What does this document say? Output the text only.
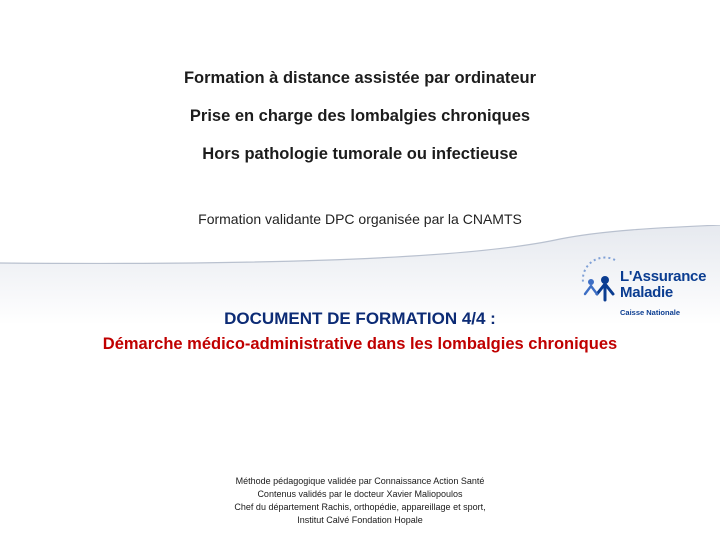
Formation à distance assistée par ordinateur
Prise en charge des lombalgies chroniques
Hors pathologie tumorale ou infectieuse
Formation validante DPC organisée par la CNAMTS
L'Assurance
Maladie
Caisse Nationale
DOCUMENT DE FORMATION 4/4 :
Démarche médico-administrative dans les lombalgies chroniques
Méthode pédagogique validée par Connaissance Action Santé
Contenus validés par le docteur Xavier Maliopoulos
Chef du département Rachis, orthopédie, appareillage et sport,
Institut Calvé Fondation Hopale
